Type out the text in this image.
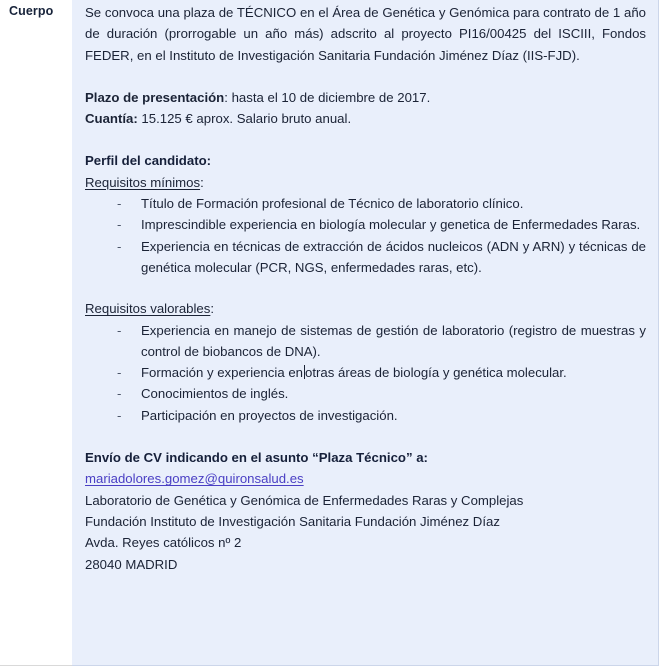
Cuerpo	Se convoca una plaza de TÉCNICO en el Área de Genética y Genómica para contrato de 1 año de duración (prorrogable un año más) adscrito al proyecto PI16/00425 del ISCIII, Fondos FEDER, en el Instituto de Investigación Sanitaria Fundación Jiménez Díaz (IIS-FJD).

Plazo de presentación: hasta el 10 de diciembre de 2017.

Cuantía: 15.125 € aprox. Salario bruto anual.

Perfil del candidato:

Requisitos mínimos:

- Título de Formación profesional de Técnico de laboratorio clínico.
- Imprescindible experiencia en biología molecular y genetica de Enfermedades Raras.
- Experiencia en técnicas de extracción de ácidos nucleicos (ADN y ARN) y técnicas de genética molecular (PCR, NGS, enfermedades raras, etc).

Requisitos valorables:

- Experiencia en manejo de sistemas de gestión de laboratorio (registro de muestras y control de biobancos de DNA).
- Formación y experiencia en otras áreas de biología y genética molecular.
- Conocimientos de inglés.
- Participación en proyectos de investigación.

Envío de CV indicando en el asunto “Plaza Técnico” a:

mariadolores.gomez@quironsalud.es

Laboratorio de Genética y Genómica de Enfermedades Raras y Complejas

Fundación Instituto de Investigación Sanitaria Fundación Jiménez Díaz

Avda. Reyes católicos nº 2

28040 MADRID
